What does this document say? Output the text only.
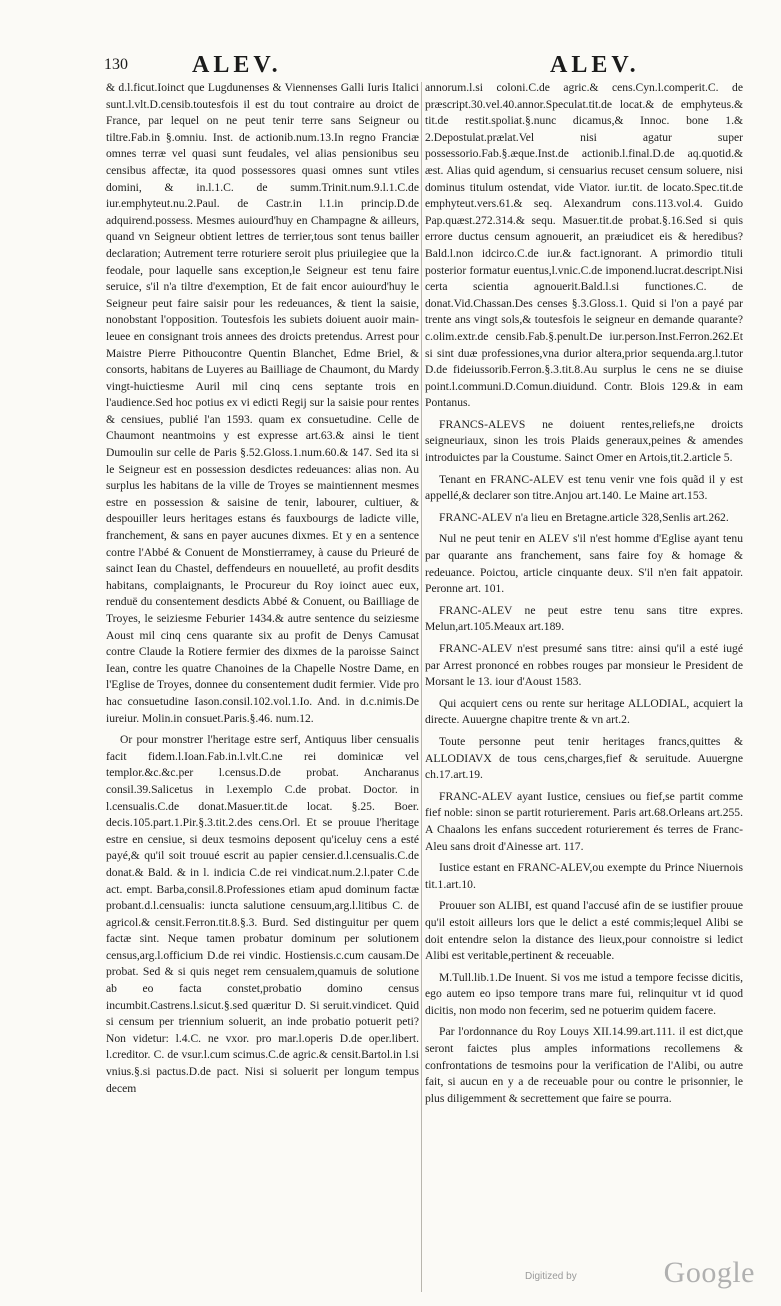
130	ALEV.	ALEV.

& d.l.ficut.Ioinct que Lugdunenses & Viennenses Galli Iuris Italici sunt.l.vlt.D.censib.toutesfois il est du tout contraire au droict de France, par lequel on ne peut tenir terre sans Seigneur ou tiltre.Fab.in §.omniu. Inst. de actionib.num.13.In regno Franciæ omnes terræ vel quasi sunt feudales, vel alias pensionibus seu censibus affectæ, ita quod possessores quasi omnes sunt vtiles domini, & in.l.1.C. de summ.Trinit.num.9.l.1.C.de iur.emphyteut.nu.2.Paul. de Castr.in l.1.in princip.D.de adquirend.possess. Mesmes auiourd'huy en Champagne & ailleurs, quand vn Seigneur obtient lettres de terrier,tous sont tenus bailler declaration; Autrement terre roturiere seroit plus priuilegiee que la feodale, pour laquelle sans exception,le Seigneur est tenu faire seruice, s'il n'a tiltre d'exemption, Et de fait encor auiourd'huy le Seigneur peut faire saisir pour les redeuances, & tient la saisie, nonobstant l'opposition. Toutesfois les subiets doiuent auoir main-leuee en consignant trois annees des droicts pretendus. Arrest pour Maistre Pierre Pithoucontre Quentin Blanchet, Edme Briel, & consorts, habitans de Luyeres au Bailliage de Chaumont, du Mardy vingt-huictiesme Auril mil cinq cens septante trois en l'audience.Sed hoc potius ex vi edicti Regij sur la saisie pour rentes & censiues, publié l'an 1593. quam ex consuetudine. Celle de Chaumont neantmoins y est expresse art.63.& ainsi le tient Dumoulin sur celle de Paris §.52.Gloss.1.num.60.& 147. Sed ita si le Seigneur est en possession desdictes redeuances: alias non. Au surplus les habitans de la ville de Troyes se maintiennent mesmes estre en possession & saisine de tenir, labourer, cultiuer, & despouiller leurs heritages estans és fauxbourgs de ladicte ville, franchement, & sans en payer aucunes dixmes. Et y en a sentence contre l'Abbé & Conuent de Monstierramey, à cause du Prieuré de sainct Iean du Chastel, deffendeurs en nouuelleté, au profit desdits habitans, complaignants, le Procureur du Roy ioinct auec eux, renduë du consentement desdicts Abbé & Conuent, ou Bailliage de Troyes, le seiziesme Feburier 1434.& autre sentence du seiziesme Aoust mil cinq cens quarante six au profit de Denys Camusat contre Claude la Rotiere fermier des dixmes de la paroisse Sainct Iean, contre les quatre Chanoines de la Chapelle Nostre Dame, en l'Eglise de Troyes, donnee du consentement dudit fermier. Vide pro hac consuetudine Iason.consil.102.vol.1.Io. And. in d.c.nimis.De iureiur. Molin.in consuet.Paris.§.46. num.12.

Or pour monstrer l'heritage estre serf, Antiquus liber censualis facit fidem.l.Ioan.Fab.in.l.vlt.C.ne rei dominicæ vel templor.&c.&c.per l.census.D.de probat. Ancharanus consil.39.Salicetus in l.exemplo C.de probat. Doctor. in l.censualis.C.de donat.Masuer.tit.de locat. §.25. Boer. decis.105.part.1.Pir.§.3.tit.2.des cens.Orl. Et se prouue l'heritage estre en censiue, si deux tesmoins deposent qu'iceluy cens a esté payé,& qu'il soit trouué escrit au papier censier.d.l.censualis.C.de donat.& Bald. & in l. indicia C.de rei vindicat.num.2.l.pater C.de act. empt. Barba,consil.8.Professiones etiam apud dominum factæ probant.d.l.censualis: iuncta salutione censuum,arg.l.litibus C. de agricol.& censit.Ferron.tit.8.§.3. Burd. Sed distinguitur per quem factæ sint. Neque tamen probatur dominum per solutionem census,arg.l.officium D.de rei vindic. Hostiensis.c.cum causam.De probat. Sed & si quis neget rem censualem,quamuis de solutione ab eo facta constet,probatio domino census incumbit.Castrens.l.sicut.§.sed quæritur D. Si seruit.vindicet. Quid si censum per triennium soluerit, an inde probatio potuerit peti? Non videtur: l.4.C. ne vxor. pro mar.l.operis D.de oper.libert. l.creditor. C. de vsur.l.cum scimus.C.de agric.& censit.Bartol.in l.si vnius.§.si pactus.D.de pact. Nisi si soluerit per longum tempus decem

annorum.l.si coloni.C.de agric.& cens.Cyn.l.comperit.C. de præscript.30.vel.40.annor.Speculat.tit.de locat.& de emphyteus.& tit.de restit.spoliat.§.nunc dicamus,& Innoc. bone 1.& 2.Depostulat.prælat.Vel nisi agatur super possessorio.Fab.§.æque.Inst.de actionib.l.final.D.de aq.quotid.& æst. Alias quid agendum, si censuarius recuset censum soluere, nisi dominus titulum ostendat, vide Viator. iur.tit. de locato.Spec.tit.de emphyteut.vers.61.& seq. Alexandrum cons.113.vol.4. Guido Pap.quæst.272.314.& sequ. Masuer.tit.de probat.§.16.Sed si quis errore ductus censum agnouerit, an præiudicet eis & heredibus? Bald.l.non idcirco.C.de iur.& fact.ignorant. A primordio tituli posterior formatur euentus,l.vnic.C.de imponend.lucrat.descript.Nisi certa scientia agnouerit.Bald.l.si functiones.C. de donat.Vid.Chassan.Des censes §.3.Gloss.1. Quid si l'on a payé par trente ans vingt sols,& toutesfois le seigneur en demande quarante? c.olim.extr.de censib.Fab.§.penult.De iur.person.Inst.Ferron.262.Et si sint duæ professiones,vna durior altera,prior sequenda.arg.l.tutor D.de fideiussorib.Ferron.§.3.tit.8.Au surplus le cens ne se diuise point.l.communi.D.Comun.diuidund. Contr. Blois 129.& in eam Pontanus.

FRANCS-ALEVS ne doiuent rentes,reliefs,ne droicts seigneuriaux, sinon les trois Plaids generaux,peines & amendes introduictes par la Coustume. Sainct Omer en Artois,tit.2.article 5.

Tenant en FRANC-ALEV est tenu venir vne fois quãd il y est appellé,& declarer son titre.Anjou art.140. Le Maine art.153.

FRANC-ALEV n'a lieu en Bretagne.article 328,Senlis art.262.

Nul ne peut tenir en ALEV s'il n'est homme d'Eglise ayant tenu par quarante ans franchement, sans faire foy & homage & redeuance. Poictou, article cinquante deux. S'il n'en fait appatoir. Peronne art. 101.

FRANC-ALEV ne peut estre tenu sans titre expres. Melun,art.105.Meaux art.189.

FRANC-ALEV n'est presumé sans titre: ainsi qu'il a esté iugé par Arrest prononcé en robbes rouges par monsieur le President de Morsant le 13. iour d'Aoust 1583.

Qui acquiert cens ou rente sur heritage ALLODIAL, acquiert la directe. Auuergne chapitre trente & vn art.2.

Toute personne peut tenir heritages francs,quittes & ALLODIAVX de tous cens,charges,fief & seruitude. Auuergne ch.17.art.19.

FRANC-ALEV ayant Iustice, censiues ou fief,se partit comme fief noble: sinon se partit roturierement. Paris art.68.Orleans art.255. A Chaalons les enfans succedent roturierement és terres de Franc-Aleu sans droit d'Ainesse art. 117.

Iustice estant en FRANC-ALEV,ou exempte du Prince Niuernois tit.1.art.10.

Prouuer son ALIBI, est quand l'accusé afin de se iustifier prouue qu'il estoit ailleurs lors que le delict a esté commis;lequel Alibi se doit entendre selon la distance des lieux,pour connoistre si ledict Alibi est veritable,pertinent & receuable.

M.Tull.lib.1.De Inuent. Si vos me istud a tempore fecisse dicitis, ego autem eo ipso tempore trans mare fui, relinquitur vt id quod dicitis, non modo non fecerim, sed ne potuerim quidem facere.

Par l'ordonnance du Roy Louys XII.14.99.art.111. il est dict,que seront faictes plus amples informations recollemens & confrontations de tesmoins pour la verification de l'Alibi, ou autre fait, si aucun en y a de receuable pour ou contre le prisonnier, le plus diligemment & secrettement que faire se pourra.

Digitized by	Google
